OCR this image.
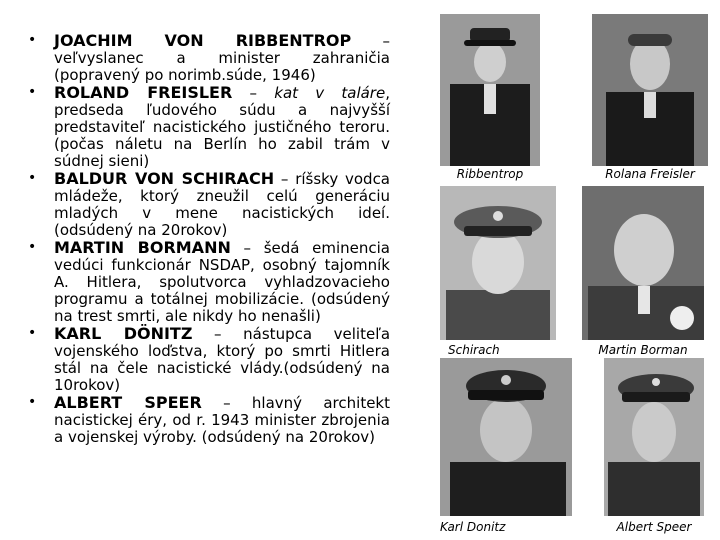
• JOACHIM VON RIBBENTROP – veľvyslanec a minister zahraničia (popravený po norimb.súde, 1946)
• ROLAND FREISLER – kat v taláre, predseda ľudového súdu a najvyšší predstaviteľ nacistického justičného teroru. (počas náletu na Berlín ho zabil trám v súdnej sieni)
• BALDUR VON SCHIRACH – ríšsky vodca mládeže, ktorý zneužil celú generáciu mladých v mene nacistických ideí.(odsúdený na 20rokov)
• MARTIN BORMANN – šedá eminencia vedúci funkcionár NSDAP, osobný tajomník A. Hitlera, spolutvorca vyhladzovacieho programu a totálnej mobilizácie. (odsúdený na trest smrti, ale nikdy ho nenašli)
• KARL DÖNITZ – nástupca veliteľa vojenského loďstva, ktorý po smrti Hitlera stál na čele nacistické vlády.(odsúdený na 10rokov)
• ALBERT SPEER – hlavný architekt nacistickej éry, od r. 1943 minister zbrojenia a vojenskej výroby. (odsúdený na 20rokov)
Ribbentrop	Rolana Freisler
Schirach	Martin Borman
Karl Donitz	Albert Speer
